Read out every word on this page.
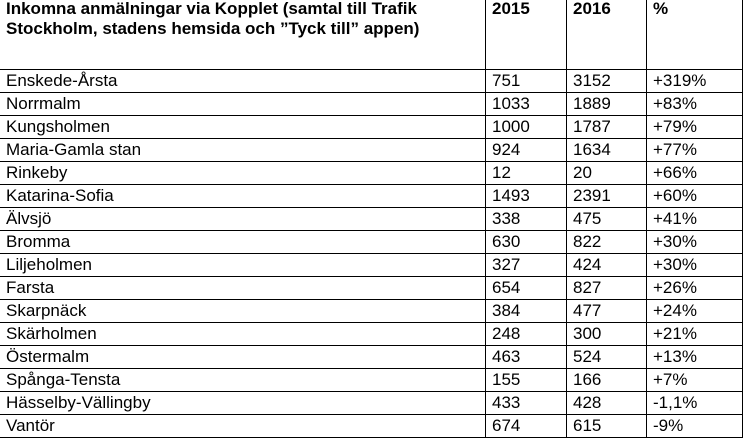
Inkomna anmälningar via Kopplet (samtal till Trafik Stockholm, stadens hemsida och ”Tyck till” appen)	2015	2016	%
Enskede-Årsta	751	3152	+319%
Norrmalm	1033	1889	+83%
Kungsholmen	1000	1787	+79%
Maria-Gamla stan	924	1634	+77%
Rinkeby	12	20	+66%
Katarina-Sofia	1493	2391	+60%
Älvsjö	338	475	+41%
Bromma	630	822	+30%
Liljeholmen	327	424	+30%
Farsta	654	827	+26%
Skarpnäck	384	477	+24%
Skärholmen	248	300	+21%
Östermalm	463	524	+13%
Spånga-Tensta	155	166	+7%
Hässelby-Vällingby	433	428	-1,1%
Vantör	674	615	-9%
